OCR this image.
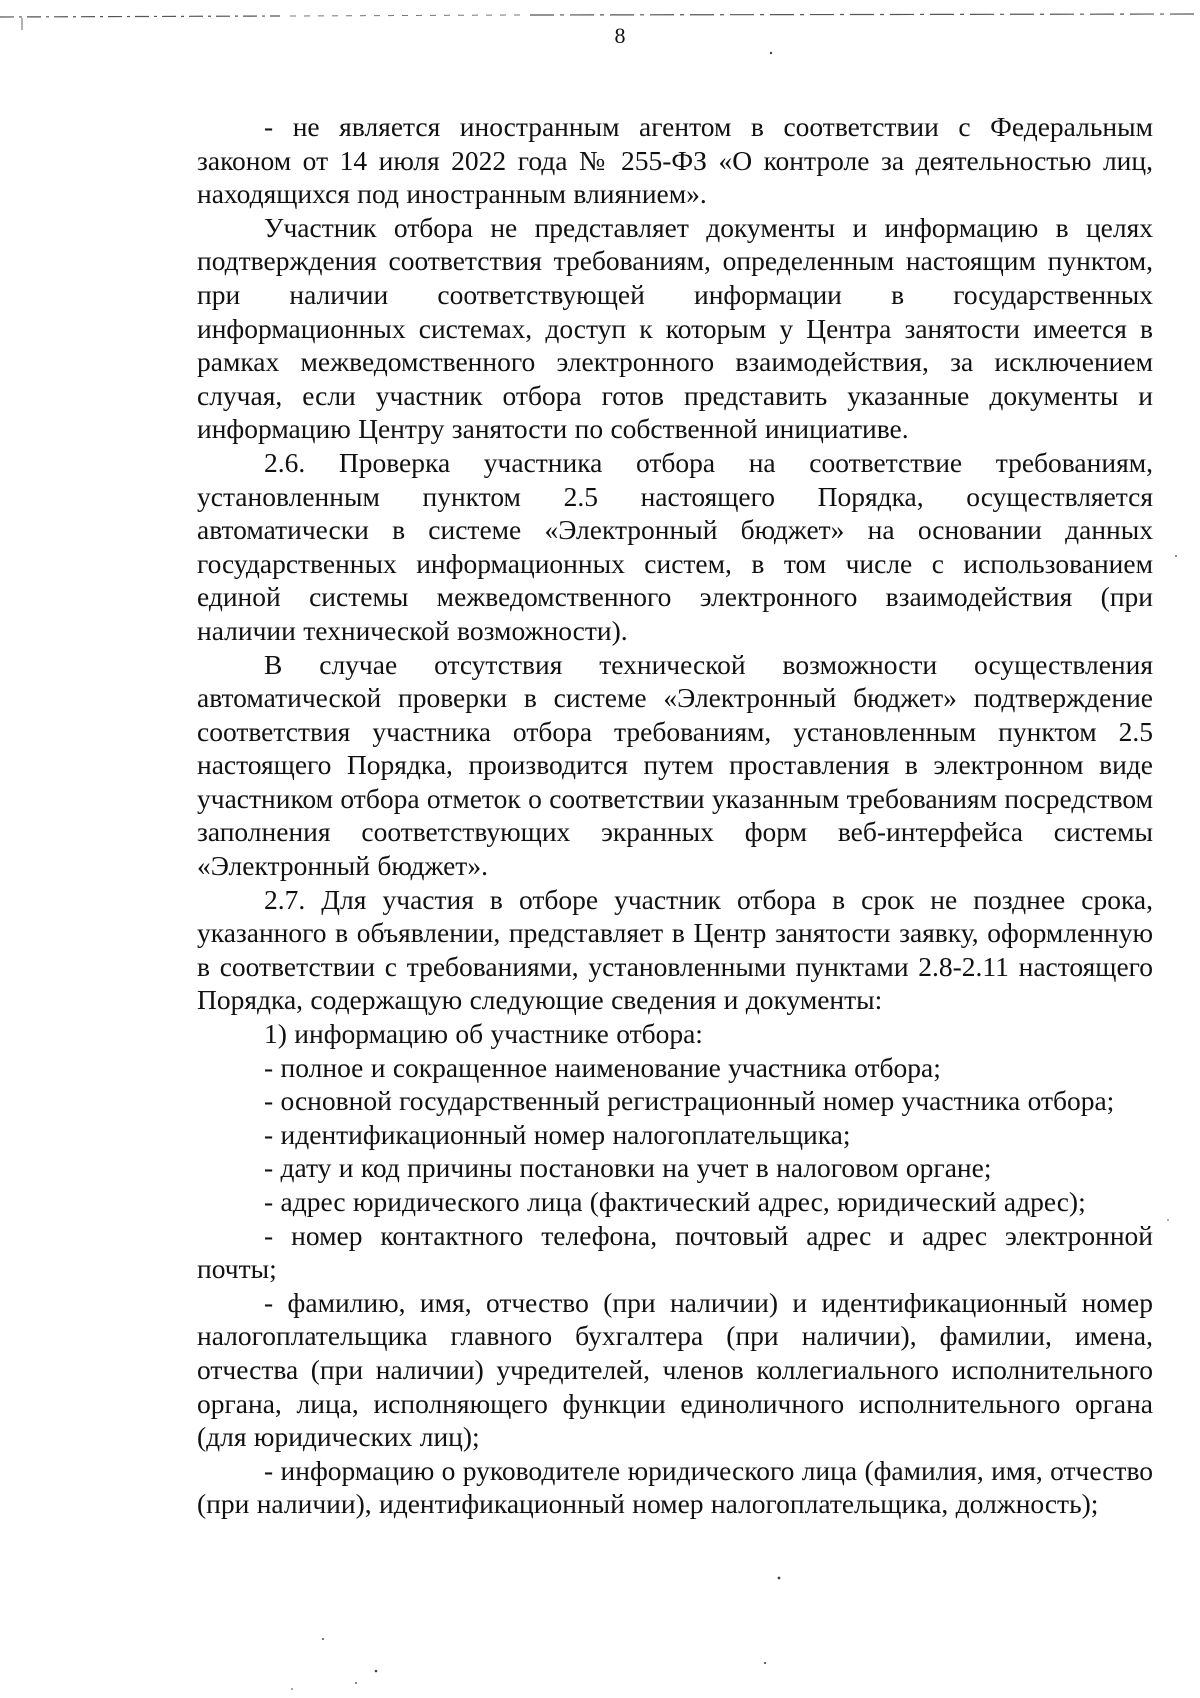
8

- не является иностранным агентом в соответствии с Федеральным законом от 14 июля 2022 года № 255-ФЗ «О контроле за деятельностью лиц, находящихся под иностранным влиянием».

Участник отбора не представляет документы и информацию в целях подтверждения соответствия требованиям, определенным настоящим пунктом, при наличии соответствующей информации в государственных информационных системах, доступ к которым у Центра занятости имеется в рамках межведомственного электронного взаимодействия, за исключением случая, если участник отбора готов представить указанные документы и информацию Центру занятости по собственной инициативе.

2.6. Проверка участника отбора на соответствие требованиям, установленным пунктом 2.5 настоящего Порядка, осуществляется автоматически в системе «Электронный бюджет» на основании данных государственных информационных систем, в том числе с использованием единой системы межведомственного электронного взаимодействия (при наличии технической возможности).

В случае отсутствия технической возможности осуществления автоматической проверки в системе «Электронный бюджет» подтверждение соответствия участника отбора требованиям, установленным пунктом 2.5 настоящего Порядка, производится путем проставления в электронном виде участником отбора отметок о соответствии указанным требованиям посредством заполнения соответствующих экранных форм веб-интерфейса системы «Электронный бюджет».

2.7. Для участия в отборе участник отбора в срок не позднее срока, указанного в объявлении, представляет в Центр занятости заявку, оформленную в соответствии с требованиями, установленными пунктами 2.8-2.11 настоящего Порядка, содержащую следующие сведения и документы:

1) информацию об участнике отбора:

- полное и сокращенное наименование участника отбора;

- основной государственный регистрационный номер участника отбора;

- идентификационный номер налогоплательщика;

- дату и код причины постановки на учет в налоговом органе;

- адрес юридического лица (фактический адрес, юридический адрес);

- номер контактного телефона, почтовый адрес и адрес электронной почты;

- фамилию, имя, отчество (при наличии) и идентификационный номер налогоплательщика главного бухгалтера (при наличии), фамилии, имена, отчества (при наличии) учредителей, членов коллегиального исполнительного органа, лица, исполняющего функции единоличного исполнительного органа (для юридических лиц);

- информацию о руководителе юридического лица (фамилия, имя, отчество (при наличии), идентификационный номер налогоплательщика, должность);
